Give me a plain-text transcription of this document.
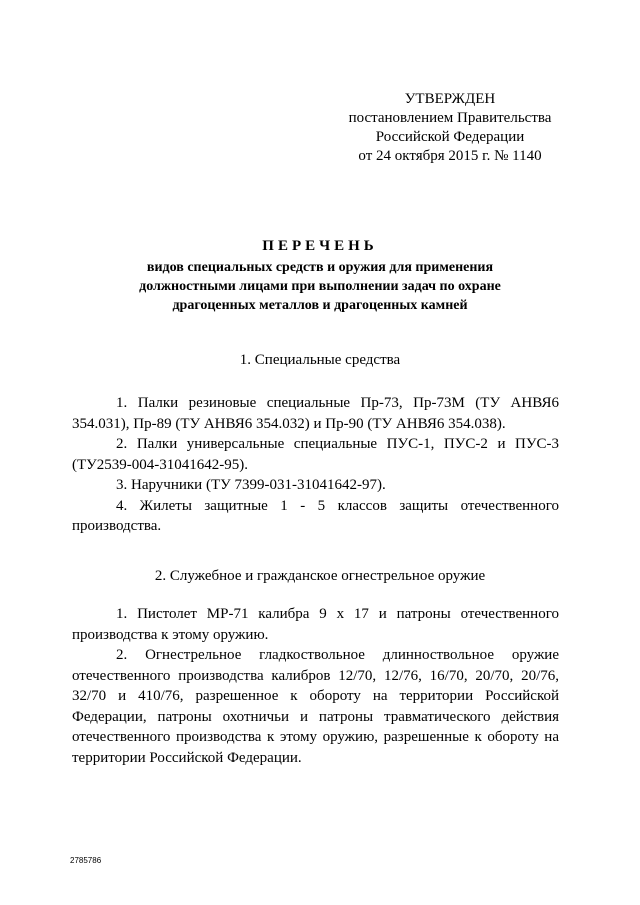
УТВЕРЖДЕН
постановлением Правительства
Российской Федерации
от 24 октября 2015 г. № 1140
ПЕРЕЧЕНЬ
видов специальных средств и оружия для применения
должностными лицами при выполнении задач по охране
драгоценных металлов и драгоценных камней
1. Специальные средства

1. Палки резиновые специальные Пр-73, Пр-73М (ТУ АНВЯ6 354.031), Пр-89 (ТУ АНВЯ6 354.032) и Пр-90 (ТУ АНВЯ6 354.038).

2. Палки универсальные специальные ПУС-1, ПУС-2 и ПУС-3 (ТУ2539-004-31041642-95).

3. Наручники (ТУ 7399-031-31041642-97).

4. Жилеты защитные 1 - 5 классов защиты отечественного производства.

2. Служебное и гражданское огнестрельное оружие

1. Пистолет МР-71 калибра 9 х 17 и патроны отечественного производства к этому оружию.

2. Огнестрельное гладкоствольное длинноствольное оружие отечественного производства калибров 12/70, 12/76, 16/70, 20/70, 20/76, 32/70 и 410/76, разрешенное к обороту на территории Российской Федерации, патроны охотничьи и патроны травматического действия отечественного производства к этому оружию, разрешенные к обороту на территории Российской Федерации.

2785786
